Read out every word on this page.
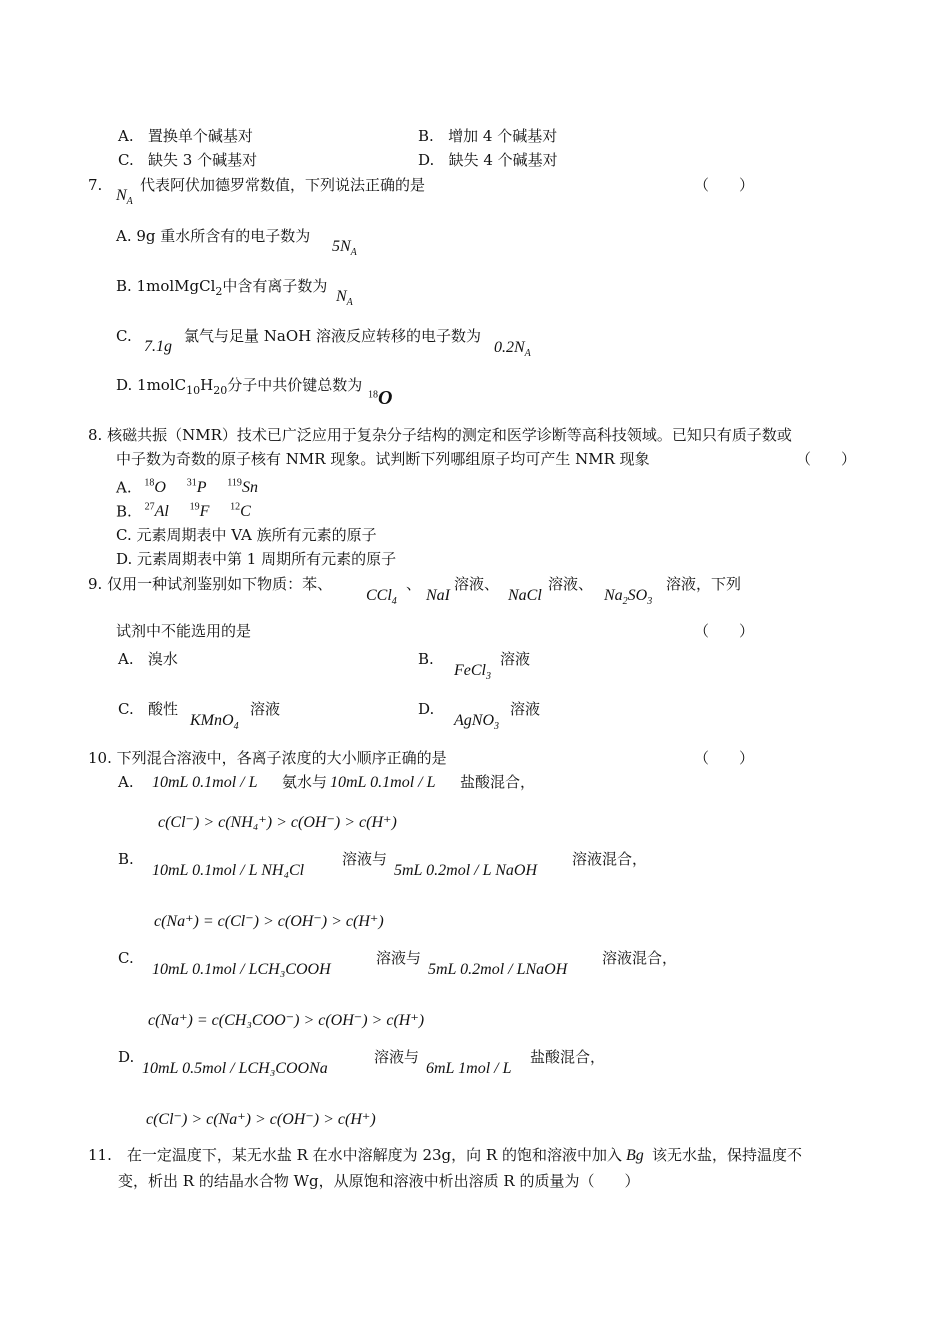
A. 置换单个碱基对	B. 增加 4 个碱基对
C. 缺失 3 个碱基对	D. 缺失 4 个碱基对
7.
$N_A$
代表阿伏加德罗常数值，下列说法正确的是	（　　）
A. 9g 重水所含有的电子数为
$5N_A$
B. 1molMgCl$_2$中含有离子数为
$N_A$
C.
7.1g
氯气与足量 NaOH 溶液反应转移的电子数为
$0.2N_A$
D. $1molC_{10}H_{20}$分子中共价键总数为
$^{18}$O
8. 核磁共振（NMR）技术已广泛应用于复杂分子结构的测定和医学诊断等高科技领域。已知只有质子数或
中子数为奇数的原子核有 NMR 现象。试判断下列哪组原子均可产生 NMR 现象	（　　）
A. $^{18}$O $^{31}$P $^{119}$Sn
B. $^{27}$Al $^{19}$F $^{12}$C
C. 元素周期表中 VA 族所有元素的原子
D. 元素周期表中第 1 周期所有元素的原子
9. 仅用一种试剂鉴别如下物质：苯、
CCl$_4$
、
NaI
溶液、
NaCl
溶液、
$Na_2SO_3$
溶液，下列
试剂中不能选用的是	（　　）
A. 溴水	B.
FeCl$_3$
溶液
C. 酸性
KMnO$_4$
溶液	D.
AgNO$_3$
溶液
10. 下列混合溶液中，各离子浓度的大小顺序正确的是	（　　）
A. 10mL 0.1mol / L 氨水与 10mL 0.1mol / L 盐酸混合，
c(Cl⁻) > c(NH₄⁺) > c(OH⁻) > c(H⁺)
B.
10mL 0.1mol / L NH₄Cl
溶液与
5mL 0.2mol / L NaOH
溶液混合，
c(Na⁺) = c(Cl⁻) > c(OH⁻) > c(H⁺)
C.
10mL 0.1mol / LCH₃COOH
溶液与
5mL 0.2mol / LNaOH
溶液混合，
c(Na⁺) = c(CH₃COO⁻) > c(OH⁻) > c(H⁺)
D.
10mL 0.5mol / LCH₃COONa
溶液与
6mL 1mol / L
盐酸混合，
c(Cl⁻) > c(Na⁺) > c(OH⁻) > c(H⁺)
11.　在一定温度下，某无水盐 R 在水中溶解度为 23g，向 R 的饱和溶液中加入 Bg 该无水盐，保持温度不
变，析出 R 的结晶水合物 Wg，从原饱和溶液中析出溶质 R 的质量为（　　）
